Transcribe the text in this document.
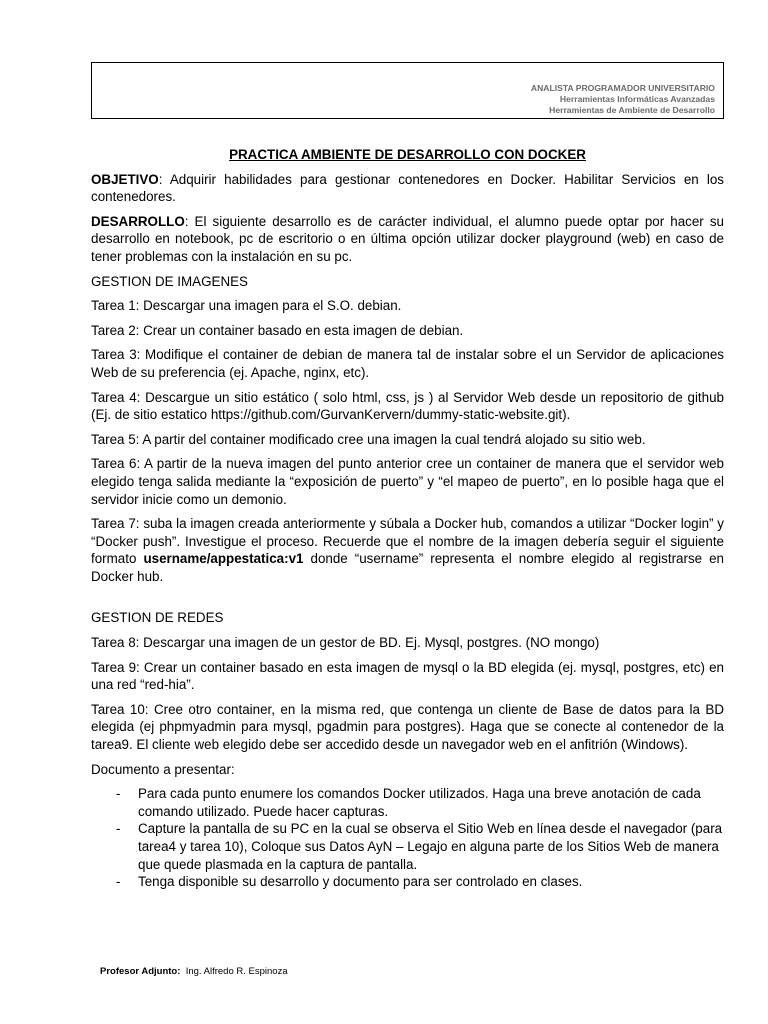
ANALISTA PROGRAMADOR UNIVERSITARIO
Herramientas Informáticas Avanzadas
Herramientas de Ambiente de Desarrollo
PRACTICA AMBIENTE DE DESARROLLO CON DOCKER

OBJETIVO: Adquirir habilidades para gestionar contenedores en Docker. Habilitar Servicios en los contenedores.

DESARROLLO: El siguiente desarrollo es de carácter individual, el alumno puede optar por hacer su desarrollo en notebook, pc de escritorio o en última opción utilizar docker playground (web) en caso de tener problemas con la instalación en su pc.

GESTION DE IMAGENES

Tarea 1: Descargar una imagen para el S.O. debian.

Tarea 2: Crear un container basado en esta imagen de debian.

Tarea 3: Modifique el container de debian de manera tal de instalar sobre el un Servidor de aplicaciones Web de su preferencia (ej. Apache, nginx, etc).

Tarea 4: Descargue un sitio estático ( solo html, css, js ) al Servidor Web desde un repositorio de github (Ej. de sitio estatico https://github.com/GurvanKervern/dummy-static-website.git).

Tarea 5: A partir del container modificado cree una imagen la cual tendrá alojado su sitio web.

Tarea 6: A partir de la nueva imagen del punto anterior cree un container de manera que el servidor web elegido tenga salida mediante la “exposición de puerto” y “el mapeo de puerto”, en lo posible haga que el servidor inicie como un demonio.

Tarea 7: suba la imagen creada anteriormente y súbala a Docker hub, comandos a utilizar “Docker login” y “Docker push”. Investigue el proceso. Recuerde que el nombre de la imagen debería seguir el siguiente formato username/appestatica:v1 donde “username” representa el nombre elegido al registrarse en Docker hub.

GESTION DE REDES

Tarea 8: Descargar una imagen de un gestor de BD. Ej. Mysql, postgres. (NO mongo)

Tarea 9: Crear un container basado en esta imagen de mysql o la BD elegida (ej. mysql, postgres, etc) en una red “red-hia”.

Tarea 10: Cree otro container, en la misma red, que contenga un cliente de Base de datos para la BD elegida (ej phpmyadmin para mysql, pgadmin para postgres). Haga que se conecte al contenedor de la tarea9. El cliente web elegido debe ser accedido desde un navegador web en el anfitrión (Windows).

Documento a presentar:

- Para cada punto enumere los comandos Docker utilizados. Haga una breve anotación de cada comando utilizado. Puede hacer capturas.
- Capture la pantalla de su PC en la cual se observa el Sitio Web en línea desde el navegador (para tarea4 y tarea 10), Coloque sus Datos AyN – Legajo en alguna parte de los Sitios Web de manera que quede plasmada en la captura de pantalla.
- Tenga disponible su desarrollo y documento para ser controlado en clases.
Profesor Adjunto: Ing. Alfredo R. Espinoza
